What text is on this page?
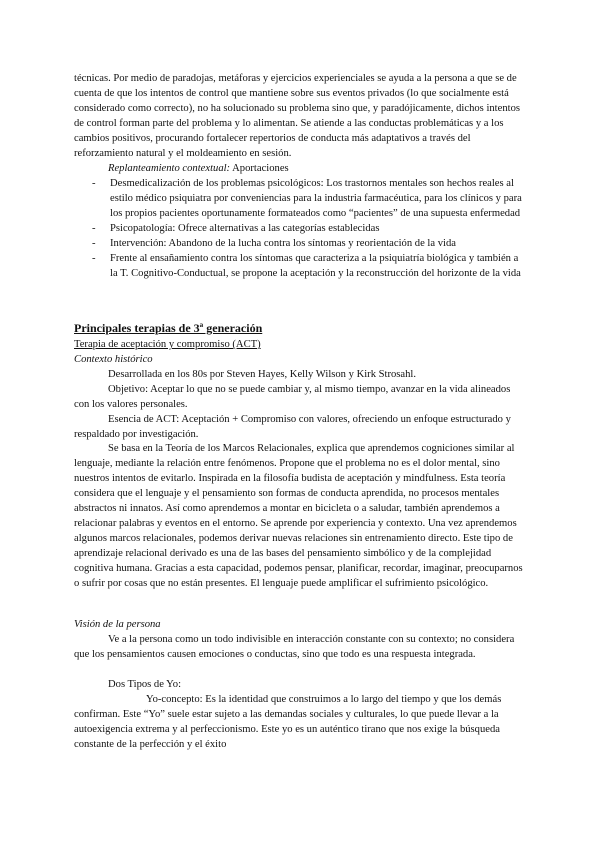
técnicas. Por medio de paradojas, metáforas y ejercicios experienciales se ayuda a la persona a que se de cuenta de que los intentos de control que mantiene sobre sus eventos privados (lo que socialmente está considerado como correcto), no ha solucionado su problema sino que, y paradójicamente, dichos intentos de control forman parte del problema y lo alimentan. Se atiende a las conductas problemáticas y a los cambios positivos, procurando fortalecer repertorios de conducta más adaptativos a través del reforzamiento natural y el moldeamiento en sesión.

Replanteamiento contextual: Aportaciones

- Desmedicalización de los problemas psicológicos: Los trastornos mentales son hechos reales al estilo médico psiquiatra por conveniencias para la industria farmacéutica, para los clínicos y para los propios pacientes oportunamente formateados como “pacientes” de una supuesta enfermedad
- Psicopatología: Ofrece alternativas a las categorías establecidas
- Intervención: Abandono de la lucha contra los síntomas y reorientación de la vida
- Frente al ensañamiento contra los síntomas que caracteriza a la psiquiatría biológica y también a la T. Cognitivo-Conductual, se propone la aceptación y la reconstrucción del horizonte de la vida

Principales terapias de 3ª generación

Terapia de aceptación y compromiso (ACT)

Contexto histórico

Desarrollada en los 80s por Steven Hayes, Kelly Wilson y Kirk Strosahl.

Objetivo: Aceptar lo que no se puede cambiar y, al mismo tiempo, avanzar en la vida alineados con los valores personales.

Esencia de ACT: Aceptación + Compromiso con valores, ofreciendo un enfoque estructurado y respaldado por investigación.

Se basa en la Teoría de los Marcos Relacionales, explica que aprendemos cogniciones similar al lenguaje, mediante la relación entre fenómenos. Propone que el problema no es el dolor mental, sino nuestros intentos de evitarlo. Inspirada en la filosofía budista de aceptación y mindfulness. Esta teoría considera que el lenguaje y el pensamiento son formas de conducta aprendida, no procesos mentales abstractos ni innatos. Así como aprendemos a montar en bicicleta o a saludar, también aprendemos a relacionar palabras y eventos en el entorno. Se aprende por experiencia y contexto. Una vez aprendemos algunos marcos relacionales, podemos derivar nuevas relaciones sin entrenamiento directo. Este tipo de aprendizaje relacional derivado es una de las bases del pensamiento simbólico y de la complejidad cognitiva humana. Gracias a esta capacidad, podemos pensar, planificar, recordar, imaginar, preocuparnos o sufrir por cosas que no están presentes. El lenguaje puede amplificar el sufrimiento psicológico.

Visión de la persona

Ve a la persona como un todo indivisible en interacción constante con su contexto; no considera que los pensamientos causen emociones o conductas, sino que todo es una respuesta integrada.

Dos Tipos de Yo:

Yo-concepto: Es la identidad que construimos a lo largo del tiempo y que los demás confirman. Este “Yo” suele estar sujeto a las demandas sociales y culturales, lo que puede llevar a la autoexigencia extrema y al perfeccionismo. Este yo es un auténtico tirano que nos exige la búsqueda constante de la perfección y el éxito
